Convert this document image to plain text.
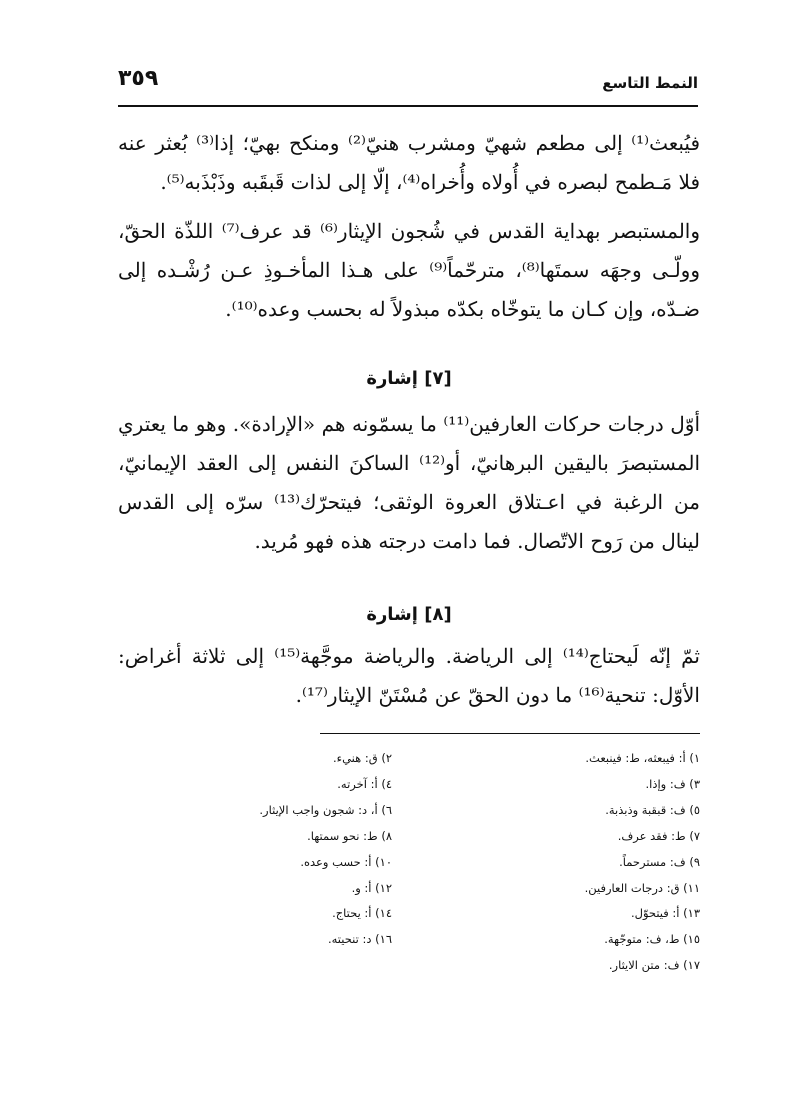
النمط التاسع
٣٥٩

فيُبعث⁽¹⁾ إلى مطعم شهيّ ومشرب هنيّ⁽²⁾ ومنكح بهيّ؛ إذا⁽³⁾ بُعثر عنه فلا مَـطمح لبصره في أُولاه وأُخراه⁽⁴⁾، إلّا إلى لذات قَبقَبه وذَبْذَبه⁽⁵⁾.

والمستبصر بهداية القدس في شُجون الإيثار⁽⁶⁾ قد عرف⁽⁷⁾ اللذّة الحقّ، وولّـى وجهَه سمتَها⁽⁸⁾، مترحّماً⁽⁹⁾ على هـذا المأخـوذِ عـن رُشْـده إلى ضـدّه، وإن كـان ما يتوخّاه بكدّه مبذولاً له بحسب وعده⁽¹⁰⁾.

[٧] إشارة

أوّل درجات حركات العارفين⁽¹¹⁾ ما يسمّونه هم «الإرادة». وهو ما يعتري المستبصرَ باليقين البرهانيّ، أو⁽¹²⁾ الساكنَ النفس إلى العقد الإيمانيّ، من الرغبة في اعـتلاق العروة الوثقى؛ فيتحرّك⁽¹³⁾ سرّه إلى القدس لينال من رَوح الاتّصال. فما دامت درجته هذه فهو مُريد.

[٨] إشارة

ثمّ إنّه لَيحتاج⁽¹⁴⁾ إلى الرياضة. والرياضة موجَّهة⁽¹⁵⁾ إلى ثلاثة أغراض: الأوّل: تنحية⁽¹⁶⁾ ما دون الحقّ عن مُسْتَنّ الإيثار⁽¹⁷⁾.

١) أ: فيبعثه، ط: فينبعث.
٣) ف: وإذا.
٥) ف: قبقبة وذبذبة.
٧) ط: فقد عرف.
٩) ف: مسترحماً.
١١) ق: درجات العارفين.
١٣) أ: فيتحوّل.
١٥) ط، ف: متوجّهة.
١٧) ف: متن الايثار.
٢) ق: هنيء.
٤) أ: آخرته.
٦) أ، د: شجون واجب الإيثار.
٨) ط: نحو سمتها.
١٠) أ: حسب وعده.
١٢) أ: و.
١٤) أ: يحتاج.
١٦) د: تنحيته.
